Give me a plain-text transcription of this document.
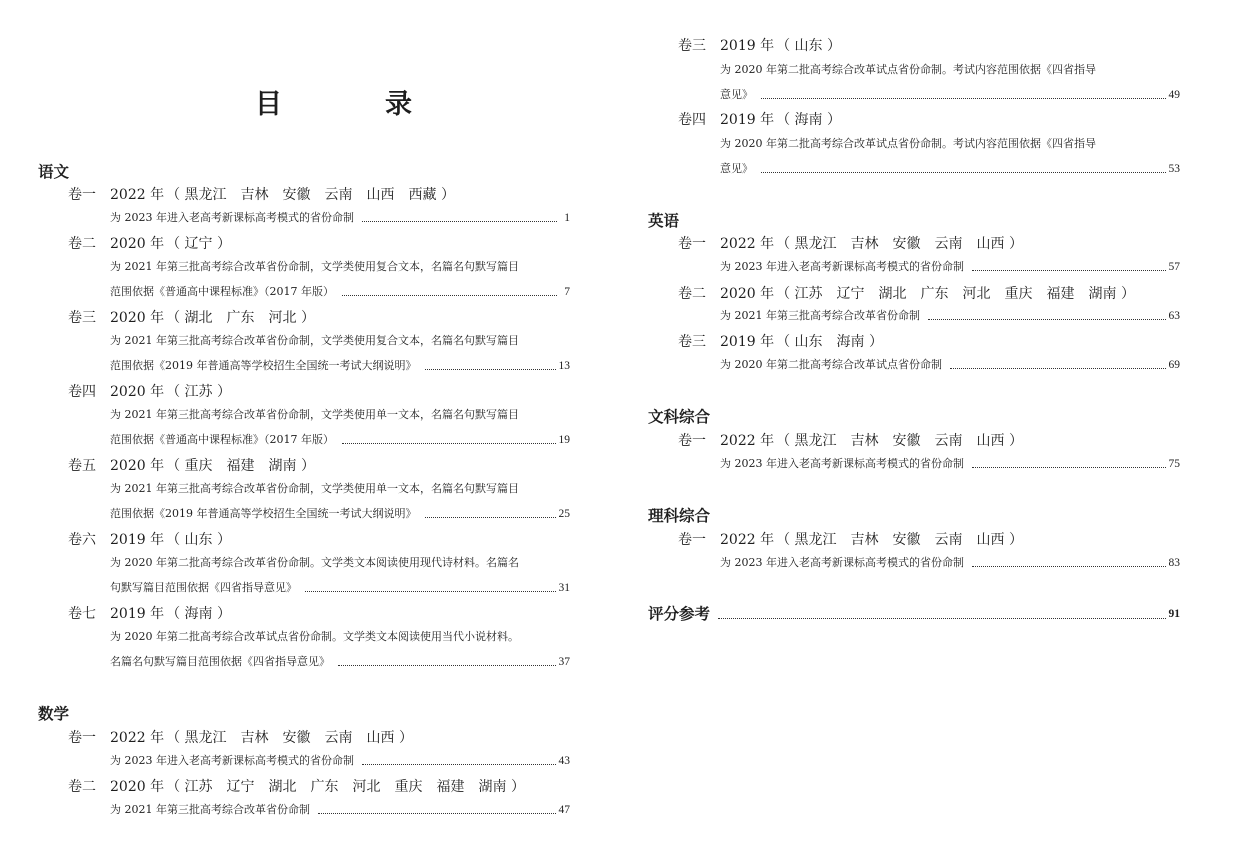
目　录
语文
卷一 2022 年 （ 黑龙江　吉林　安徽　云南　山西　西藏 ）
为 2023 年进入老高考新课标高考模式的省份命制	1
卷二 2020 年 （ 辽宁 ）
为 2021 年第三批高考综合改革省份命制，文学类使用复合文本，名篇名句默写篇目
范围依据《普通高中课程标准》（2017 年版）	7
卷三 2020 年 （ 湖北　广东　河北 ）
为 2021 年第三批高考综合改革省份命制，文学类使用复合文本，名篇名句默写篇目
范围依据《2019 年普通高等学校招生全国统一考试大纲说明》	13
卷四 2020 年 （ 江苏 ）
为 2021 年第三批高考综合改革省份命制，文学类使用单一文本，名篇名句默写篇目
范围依据《普通高中课程标准》（2017 年版）	19
卷五 2020 年 （ 重庆　福建　湖南 ）
为 2021 年第三批高考综合改革省份命制，文学类使用单一文本，名篇名句默写篇目
范围依据《2019 年普通高等学校招生全国统一考试大纲说明》	25
卷六 2019 年 （ 山东 ）
为 2020 年第二批高考综合改革省份命制。文学类文本阅读使用现代诗材料。名篇名
句默写篇目范围依据《四省指导意见》	31
卷七 2019 年 （ 海南 ）
为 2020 年第二批高考综合改革试点省份命制。文学类文本阅读使用当代小说材料。
名篇名句默写篇目范围依据《四省指导意见》	37
数学
卷一 2022 年 （ 黑龙江　吉林　安徽　云南　山西 ）
为 2023 年进入老高考新课标高考模式的省份命制	43
卷二 2020 年 （ 江苏　辽宁　湖北　广东　河北　重庆　福建　湖南 ）
为 2021 年第三批高考综合改革省份命制	47
卷三 2019 年 （ 山东 ）
为 2020 年第二批高考综合改革试点省份命制。考试内容范围依据《四省指导
意见》	49
卷四 2019 年 （ 海南 ）
为 2020 年第二批高考综合改革试点省份命制。考试内容范围依据《四省指导
意见》	53
英语
卷一 2022 年 （ 黑龙江　吉林　安徽　云南　山西 ）
为 2023 年进入老高考新课标高考模式的省份命制	57
卷二 2020 年 （ 江苏　辽宁　湖北　广东　河北　重庆　福建　湖南 ）
为 2021 年第三批高考综合改革省份命制	63
卷三 2019 年 （ 山东　海南 ）
为 2020 年第二批高考综合改革试点省份命制	69
文科综合
卷一 2022 年 （ 黑龙江　吉林　安徽　云南　山西 ）
为 2023 年进入老高考新课标高考模式的省份命制	75
理科综合
卷一 2022 年 （ 黑龙江　吉林　安徽　云南　山西 ）
为 2023 年进入老高考新课标高考模式的省份命制	83
评分参考	91
